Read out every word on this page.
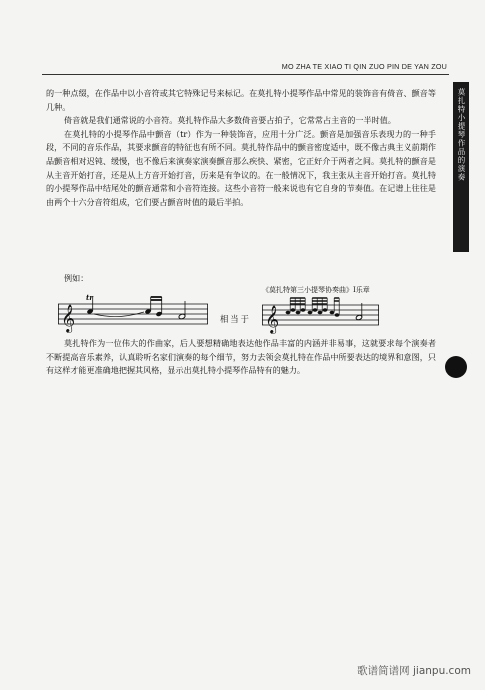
MO ZHA TE XIAO TI QIN ZUO PIN DE YAN ZOU
莫扎特小提琴作品的演奏

的一种点缀，在作品中以小音符或其它特殊记号来标记。在莫扎特小提琴作品中常见的装饰音有倚音、颤音等几种。

倚音就是我们通常说的小音符。莫扎特作品大多数倚音要占拍子，它常常占主音的一半时值。

在莫扎特的小提琴作品中颤音（tr）作为一种装饰音，应用十分广泛。颤音是加强音乐表现力的一种手段，不同的音乐作品，其要求颤音的特征也有所不同。莫扎特作品中的颤音密度适中，既不像古典主义前期作品颤音相对迟钝、缓慢，也不像后来演奏家演奏颤音那么疾快、紧密，它正好介于两者之间。莫扎特的颤音是从主音开始打音，还是从上方音开始打音，历来是有争议的。在一般情况下，我主张从主音开始打音。莫扎特的小提琴作品中结尾处的颤音通常和小音符连接。这些小音符一般来说也有它自身的节奏值。在记谱上往往是由两个十六分音符组成，它们要占颤音时值的最后半拍。

例如：
《莫扎特第三小提琴协奏曲》Ⅰ乐章
𝄞
tr
相当于 𝄞

莫扎特作为一位伟大的作曲家，后人要想精确地表达他作品丰富的内涵并非易事，这就要求每个演奏者不断提高音乐素养，认真聆听名家们演奏的每个细节，努力去领会莫扎特在作品中所要表达的境界和意图，只有这样才能更准确地把握其风格，显示出莫扎特小提琴作品特有的魅力。

歌谱简谱网 jianpu.com
